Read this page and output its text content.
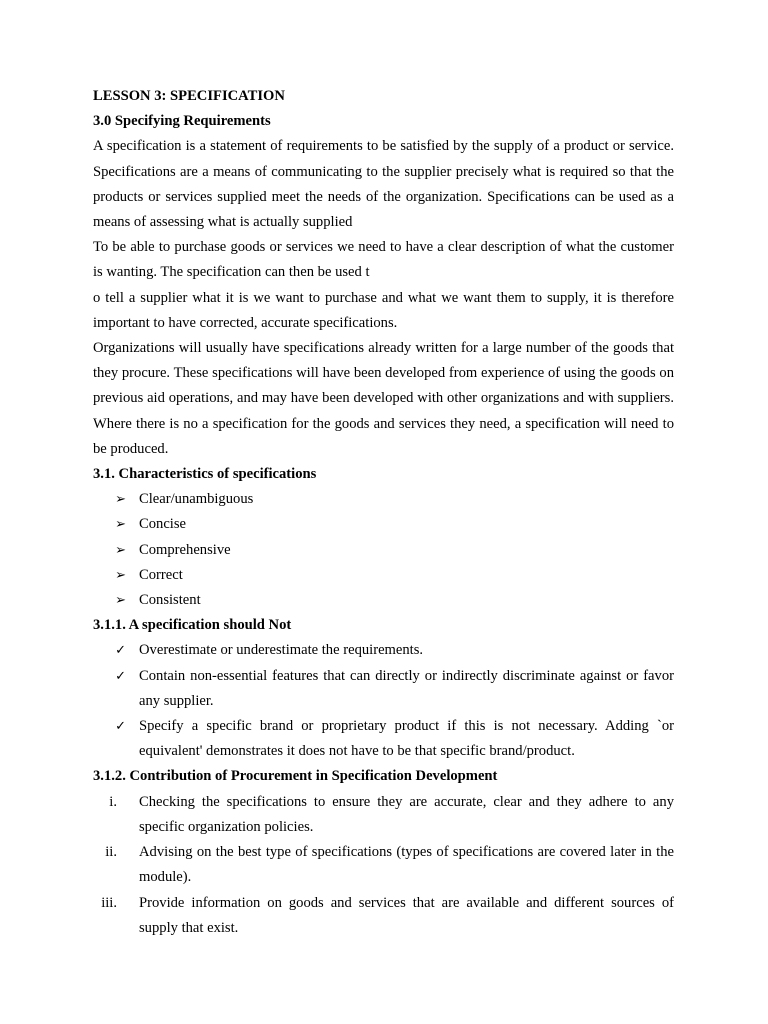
LESSON 3: SPECIFICATION
3.0 Specifying Requirements

A specification is a statement of requirements to be satisfied by the supply of a product or service. Specifications are a means of communicating to the supplier precisely what is required so that the products or services supplied meet the needs of the organization. Specifications can be used as a means of assessing what is actually supplied

To be able to purchase goods or services we need to have a clear description of what the customer is wanting. The specification can then be used t

o tell a supplier what it is we want to purchase and what we want them to supply, it is therefore important to have corrected, accurate specifications.

Organizations will usually have specifications already written for a large number of the goods that they procure. These specifications will have been developed from experience of using the goods on previous aid operations, and may have been developed with other organizations and with suppliers. Where there is no a specification for the goods and services they need, a specification will need to be produced.

3.1. Characteristics of specifications
➢ Clear/unambiguous
➢ Concise
➢ Comprehensive
➢ Correct
➢ Consistent
3.1.1. A specification should Not
✓ Overestimate or underestimate the requirements.
✓ Contain non-essential features that can directly or indirectly discriminate against or favor any supplier.
✓ Specify a specific brand or proprietary product if this is not necessary. Adding `or equivalent' demonstrates it does not have to be that specific brand/product.
3.1.2. Contribution of Procurement in Specification Development
i. Checking the specifications to ensure they are accurate, clear and they adhere to any specific organization policies.
ii. Advising on the best type of specifications (types of specifications are covered later in the module).
iii. Provide information on goods and services that are available and different sources of supply that exist.
